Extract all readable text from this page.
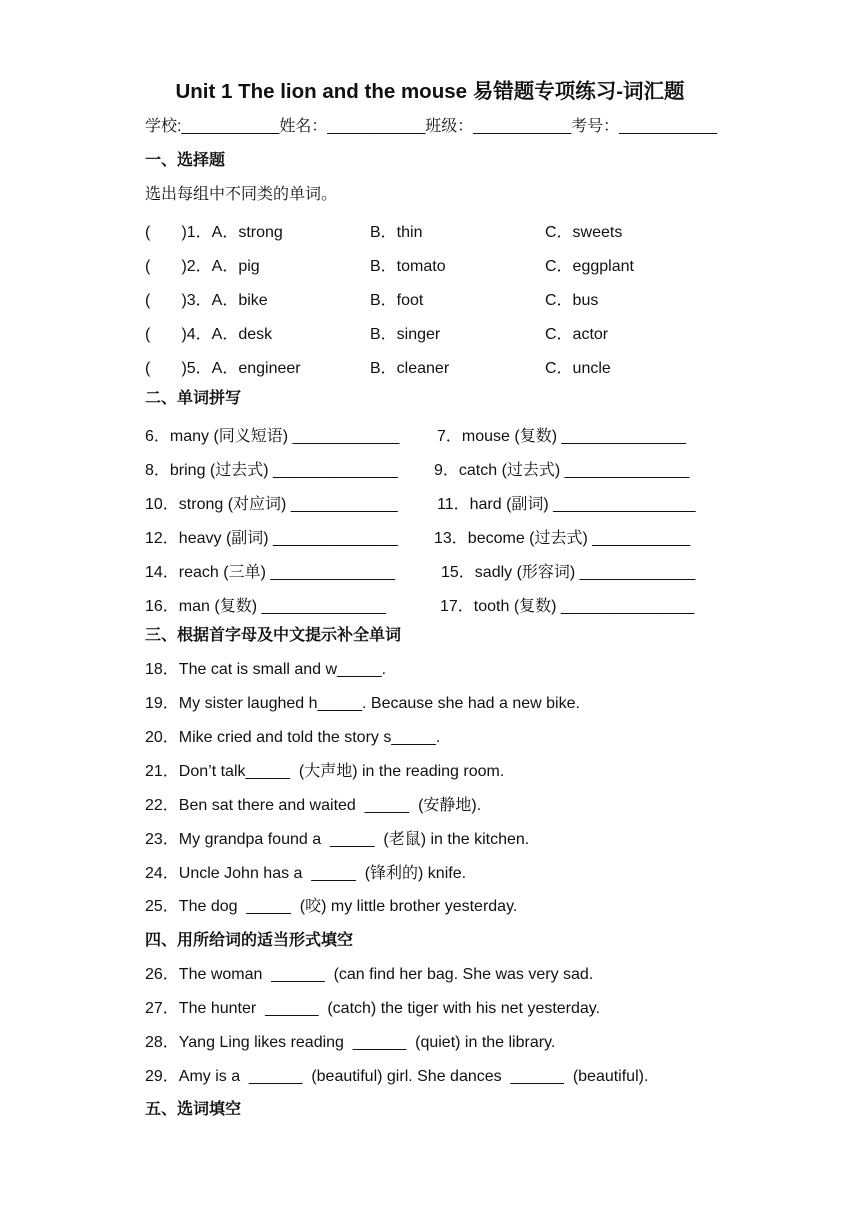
Unit 1 The lion and the mouse 易错题专项练习-词汇题
学校:___________姓名：___________班级：___________考号：___________
一、选择题
选出每组中不同类的单词。
(       )1．A．strong	B．thin	C．sweets
(       )2．A．pig	B．tomato	C．eggplant
(       )3．A．bike	B．foot	C．bus
(       )4．A．desk	B．singer	C．actor
(       )5．A．engineer	B．cleaner	C．uncle
二、单词拼写
6．many (同义短语) ____________ 7．mouse (复数) ______________
8．bring (过去式) ______________ 9．catch (过去式) ______________
10．strong (对应词) ____________ 11．hard (副词) ________________
12．heavy (副词) ______________ 13．become (过去式) ___________
14．reach (三单) ______________	15．sadly (形容词) _____________
16．man (复数) ______________	17．tooth (复数) _______________
三、根据首字母及中文提示补全单词
18．The cat is small and w_____.
19．My sister laughed h_____. Because she had a new bike.
20．Mike cried and told the story s_____.
21．Don’t talk_____  (大声地) in the reading room.
22．Ben sat there and waited  _____  (安静地).
23．My grandpa found a  _____  (老鼠) in the kitchen.
24．Uncle John has a  _____  (锋利的) knife.
25．The dog  _____  (咬) my little brother yesterday.
四、用所给词的适当形式填空
26．The woman  ______  (can find her bag. She was very sad.
27．The hunter  ______  (catch) the tiger with his net yesterday.
28．Yang Ling likes reading  ______  (quiet) in the library.
29．Amy is a  ______  (beautiful) girl. She dances  ______  (beautiful).
五、选词填空
